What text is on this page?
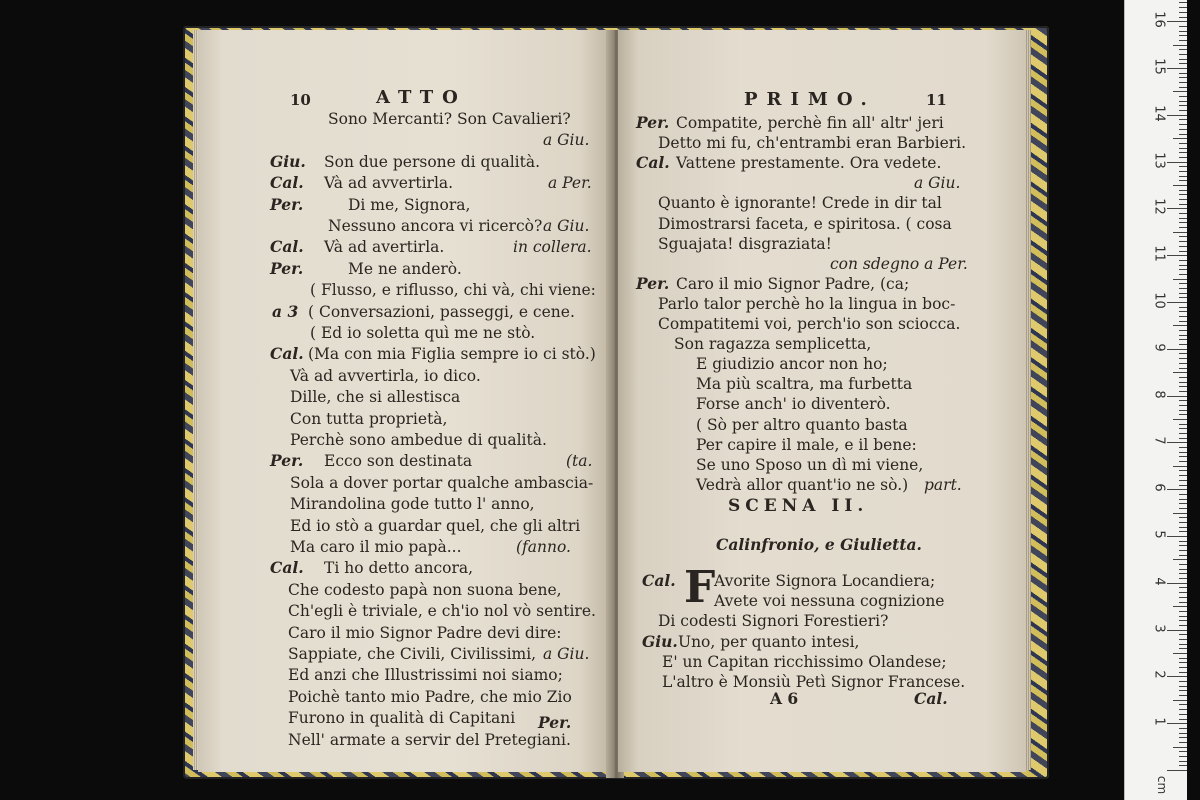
10	ATTO
Sono Mercanti? Son Cavalieri?
a Giu.
Giu. Son due persone di qualità.
Cal. Và ad avvertirla.	a Per.
Per.	Di me, Signora,
Nessuno ancora vi ricercò? a Giu.
Cal. Và ad avertirla.	in collera.
Per.	Me ne anderò.
( Flusso, e riflusso, chi và, chi viene:
a 3 ( Conversazioni, passeggi, e cene.
( Ed io soletta quì me ne stò.
Cal. (Ma con mia Figlia sempre io ci stò.)
Và ad avvertirla, io dico.
Dille, che si allestisca
Con tutta proprietà,
Perchè sono ambedue di qualità.
Per. Ecco son destinata	(ta.
Sola a dover portar qualche ambascia-
Mirandolina gode tutto l' anno,
Ed io stò a guardar quel, che gli altri
Ma caro il mio papà...	(fanno.
Cal. Ti ho detto ancora,
Che codesto papà non suona bene,
Ch'egli è triviale, e ch'io nol vò sentire.
Caro il mio Signor Padre devi dire:
Sappiate, che Civili, Civilissimi, a Giu.
Ed anzi che Illustrissimi noi siamo;
Poichè tanto mio Padre, che mio Zio
Furono in qualità di Capitani
Nell' armate a servir del Pretegiani.
Per.
PRIMO.	11
Per. Compatite, perchè fin all' altr' jeri
Detto mi fu, ch'entrambi eran Barbieri.
Cal. Vattene prestamente. Ora vedete.
a Giu.
Quanto è ignorante! Crede in dir tal
Dimostrarsi faceta, e spiritosa. ( cosa
Sguajata! disgraziata!
con sdegno a Per.
Per. Caro il mio Signor Padre, (ca;
Parlo talor perchè ho la lingua in boc-
Compatitemi voi, perch'io son sciocca.
Son ragazza semplicetta,
E giudizio ancor non ho;
Ma più scaltra, ma furbetta
Forse anch' io diventerò.
( Sò per altro quanto basta
Per capire il male, e il bene:
Se uno Sposo un dì mi viene,
Vedrà allor quant'io ne sò.) part.
SCENA II.
Calinfronio, e Giulietta.
Cal. F
Avorite Signora Locandiera;
Avete voi nessuna cognizione
Di codesti Signori Forestieri?
Giu. Uno, per quanto intesi,
E' un Capitan ricchissimo Olandese;
L'altro è Monsiù Petì Signor Francese.
A 6	Cal.
cm
1
2
3
4
5
6
7
8
9
10
11
12
13
14
15
16
